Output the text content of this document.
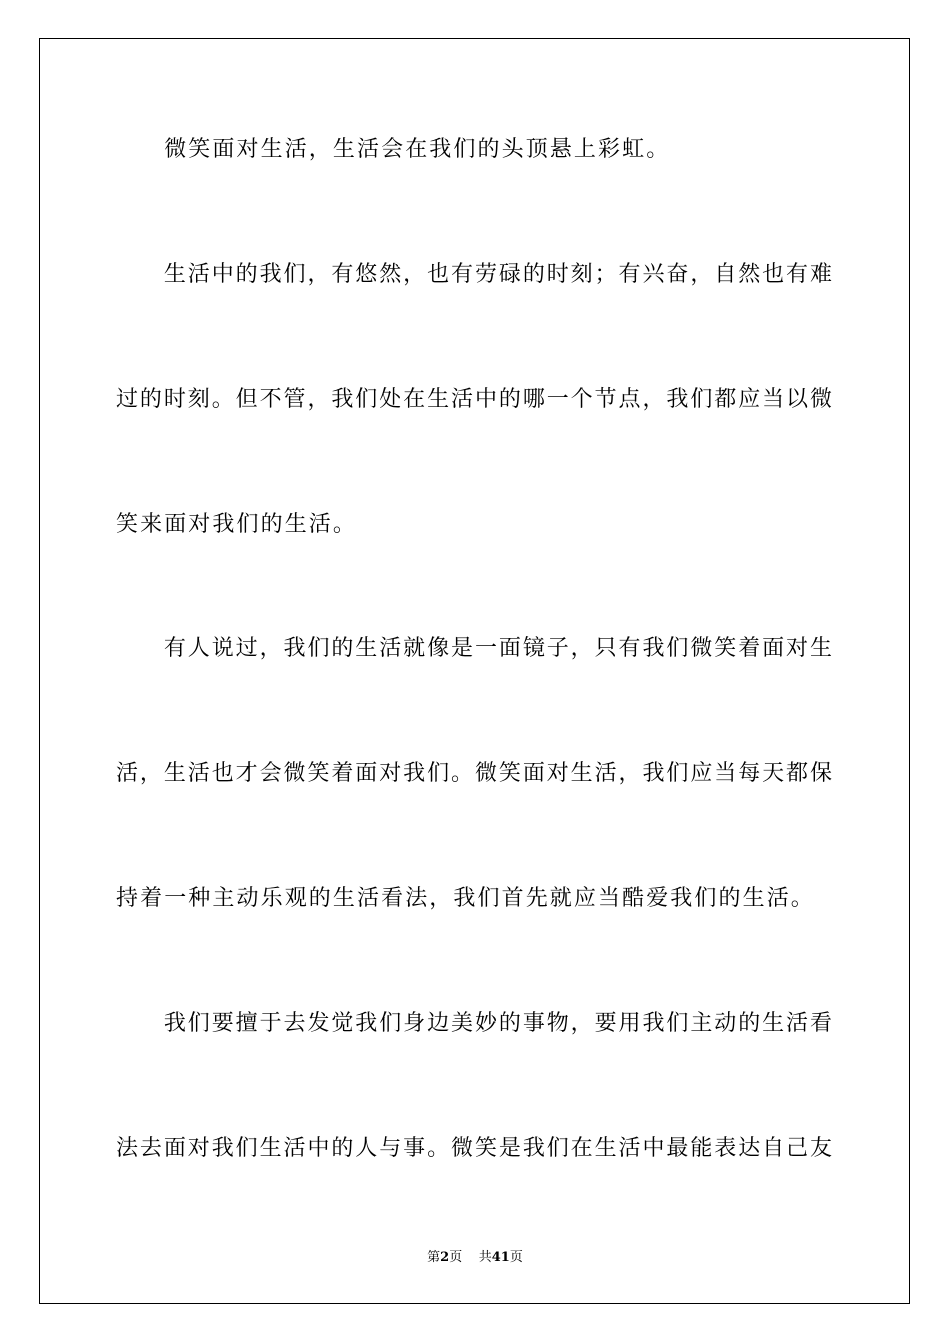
　　微笑面对生活，生活会在我们的头顶悬上彩虹。
　　生活中的我们，有悠然，也有劳碌的时刻；有兴奋，自然也有难
过的时刻。但不管，我们处在生活中的哪一个节点，我们都应当以微
笑来面对我们的生活。
　　有人说过，我们的生活就像是一面镜子，只有我们微笑着面对生
活，生活也才会微笑着面对我们。微笑面对生活，我们应当每天都保
持着一种主动乐观的生活看法，我们首先就应当酷爱我们的生活。
　　我们要擅于去发觉我们身边美妙的事物，要用我们主动的生活看
法去面对我们生活中的人与事。微笑是我们在生活中最能表达自己友
第2页 共41页
